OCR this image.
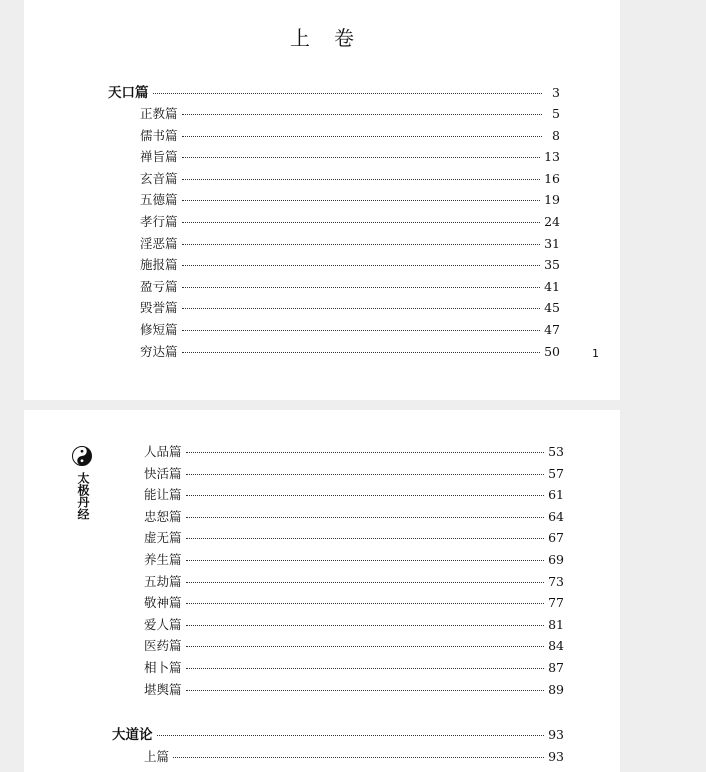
上卷
天口篇	3
正教篇	5
儒书篇	8
禅旨篇	13
玄音篇	16
五德篇	19
孝行篇	24
淫恶篇	31
施报篇	35
盈亏篇	41
毁誉篇	45
修短篇	47
穷达篇	50	1
太极丹经
人品篇	53
快活篇	57
能让篇	61
忠恕篇	64
虚无篇	67
养生篇	69
五劫篇	73
敬神篇	77
爱人篇	81
医药篇	84
相卜篇	87
堪舆篇	89
大道论	93
上篇	93
